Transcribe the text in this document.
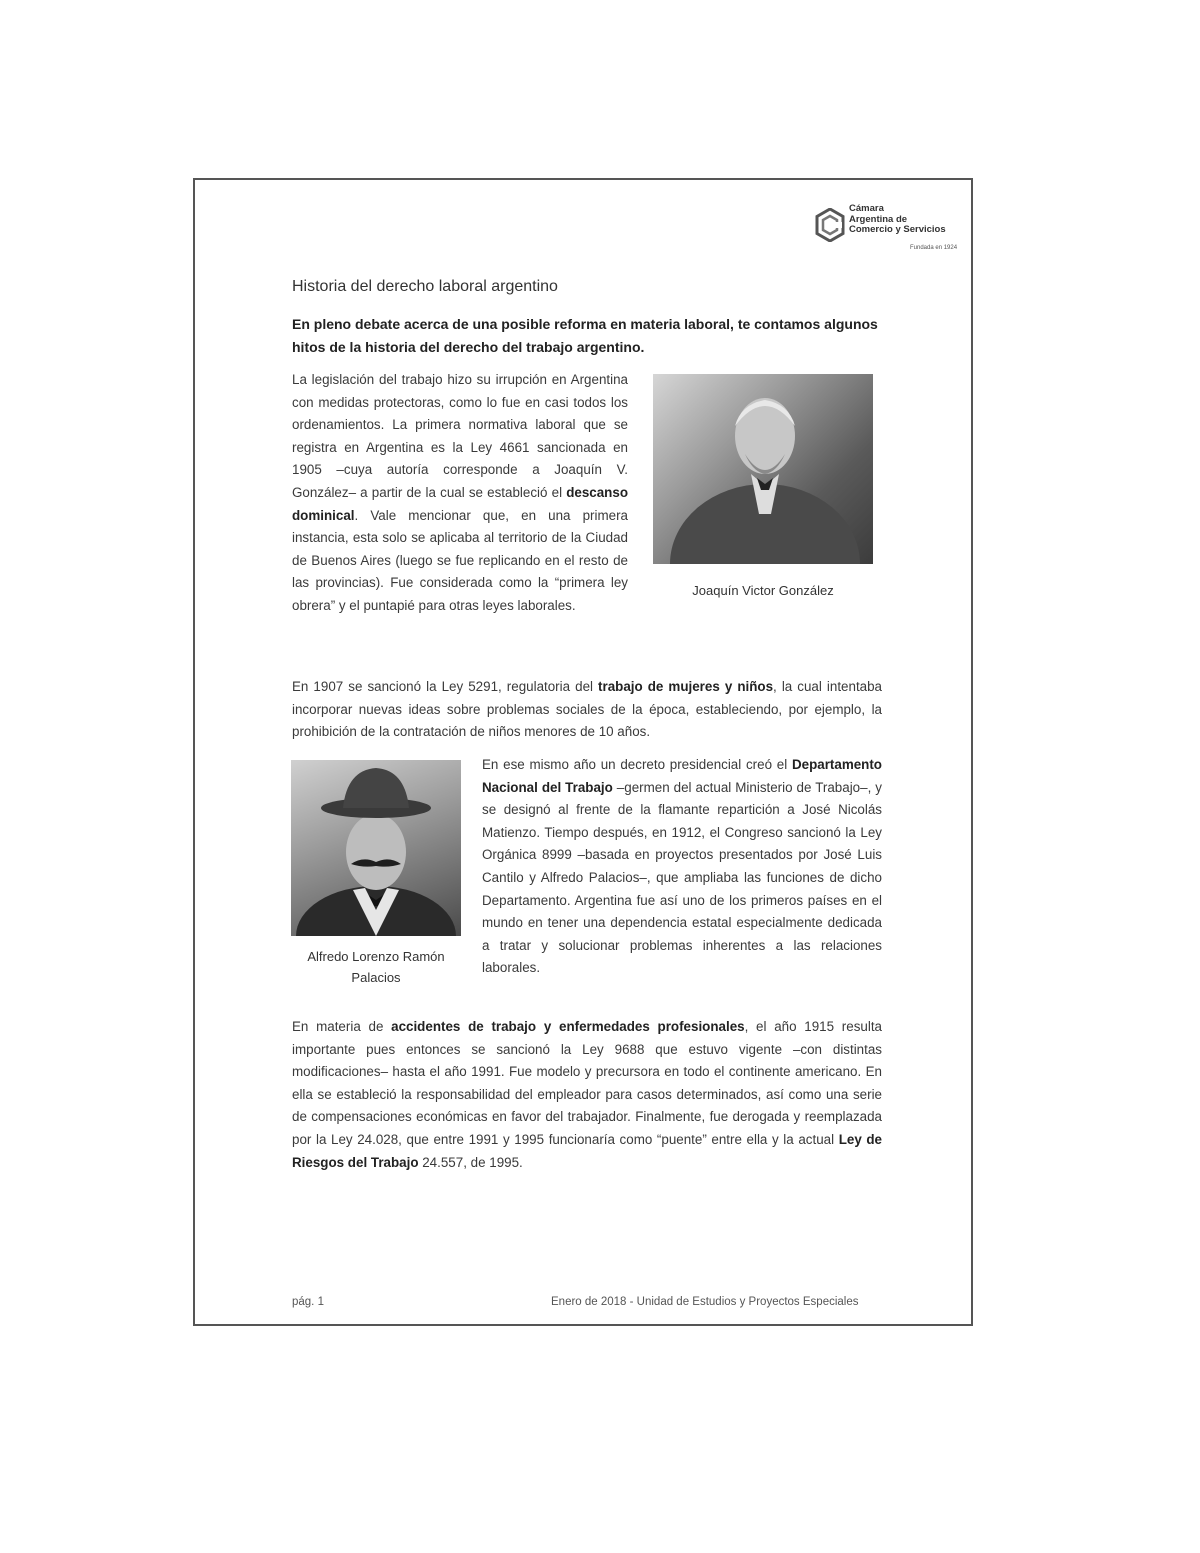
Cámara
Argentina de
Comercio y Servicios
Fundada en 1924
Historia del derecho laboral argentino
En pleno debate acerca de una posible reforma en materia laboral, te contamos algunos hitos de la historia del derecho del trabajo argentino.
La legislación del trabajo hizo su irrupción en Argentina con medidas protectoras, como lo fue en casi todos los ordenamientos. La primera normativa laboral que se registra en Argentina es la Ley 4661 sancionada en 1905 –cuya autoría corresponde a Joaquín V. González– a partir de la cual se estableció el descanso dominical. Vale mencionar que, en una primera instancia, esta solo se aplicaba al territorio de la Ciudad de Buenos Aires (luego se fue replicando en el resto de las provincias). Fue considerada como la “primera ley obrera” y el puntapié para otras leyes laborales.
Joaquín Victor González
En 1907 se sancionó la Ley 5291, regulatoria del trabajo de mujeres y niños, la cual intentaba incorporar nuevas ideas sobre problemas sociales de la época, estableciendo, por ejemplo, la prohibición de la contratación de niños menores de 10 años.
Alfredo Lorenzo Ramón Palacios
En ese mismo año un decreto presidencial creó el Departamento Nacional del Trabajo –germen del actual Ministerio de Trabajo–, y se designó al frente de la flamante repartición a José Nicolás Matienzo. Tiempo después, en 1912, el Congreso sancionó la Ley Orgánica 8999 –basada en proyectos presentados por José Luis Cantilo y Alfredo Palacios–, que ampliaba las funciones de dicho Departamento. Argentina fue así uno de los primeros países en el mundo en tener una dependencia estatal especialmente dedicada a tratar y solucionar problemas inherentes a las relaciones laborales.
En materia de accidentes de trabajo y enfermedades profesionales, el año 1915 resulta importante pues entonces se sancionó la Ley 9688 que estuvo vigente –con distintas modificaciones– hasta el año 1991. Fue modelo y precursora en todo el continente americano. En ella se estableció la responsabilidad del empleador para casos determinados, así como una serie de compensaciones económicas en favor del trabajador. Finalmente, fue derogada y reemplazada por la Ley 24.028, que entre 1991 y 1995 funcionaría como “puente” entre ella y la actual Ley de Riesgos del Trabajo 24.557, de 1995.
pág. 1	Enero de 2018 - Unidad de Estudios y Proyectos Especiales
